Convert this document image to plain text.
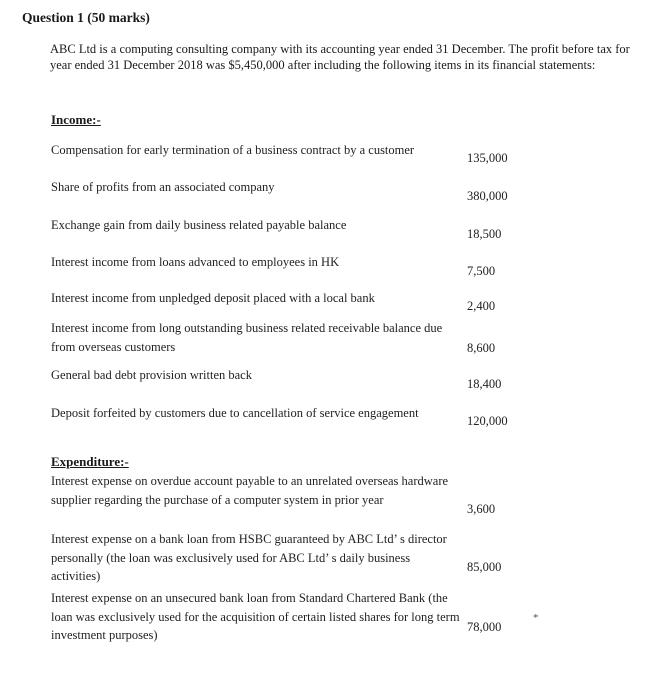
Question 1 (50 marks)
ABC Ltd is a computing consulting company with its accounting year ended 31 December. The profit before tax for year ended 31 December 2018 was $5,450,000 after including the following items in its financial statements:
Income:-
Compensation for early termination of a business contract by a customer
135,000
Share of profits from an associated company
380,000
Exchange gain from daily business related payable balance
18,500
Interest income from loans advanced to employees in HK
7,500
Interest income from unpledged deposit placed with a local bank
2,400
Interest income from long outstanding business related receivable balance due from overseas customers	8,600
General bad debt provision written back
18,400
Deposit forfeited by customers due to cancellation of service engagement
120,000
Expenditure:-
Interest expense on overdue account payable to an unrelated overseas hardware supplier regarding the purchase of a computer system in prior year
3,600
Interest expense on a bank loan from HSBC guaranteed by ABC Ltd’ s director personally (the loan was exclusively used for ABC Ltd’ s daily business activities)
85,000
Interest expense on an unsecured bank loan from Standard Chartered Bank (the loan was exclusively used for the acquisition of certain listed shares for long term investment purposes)
78,000
*
